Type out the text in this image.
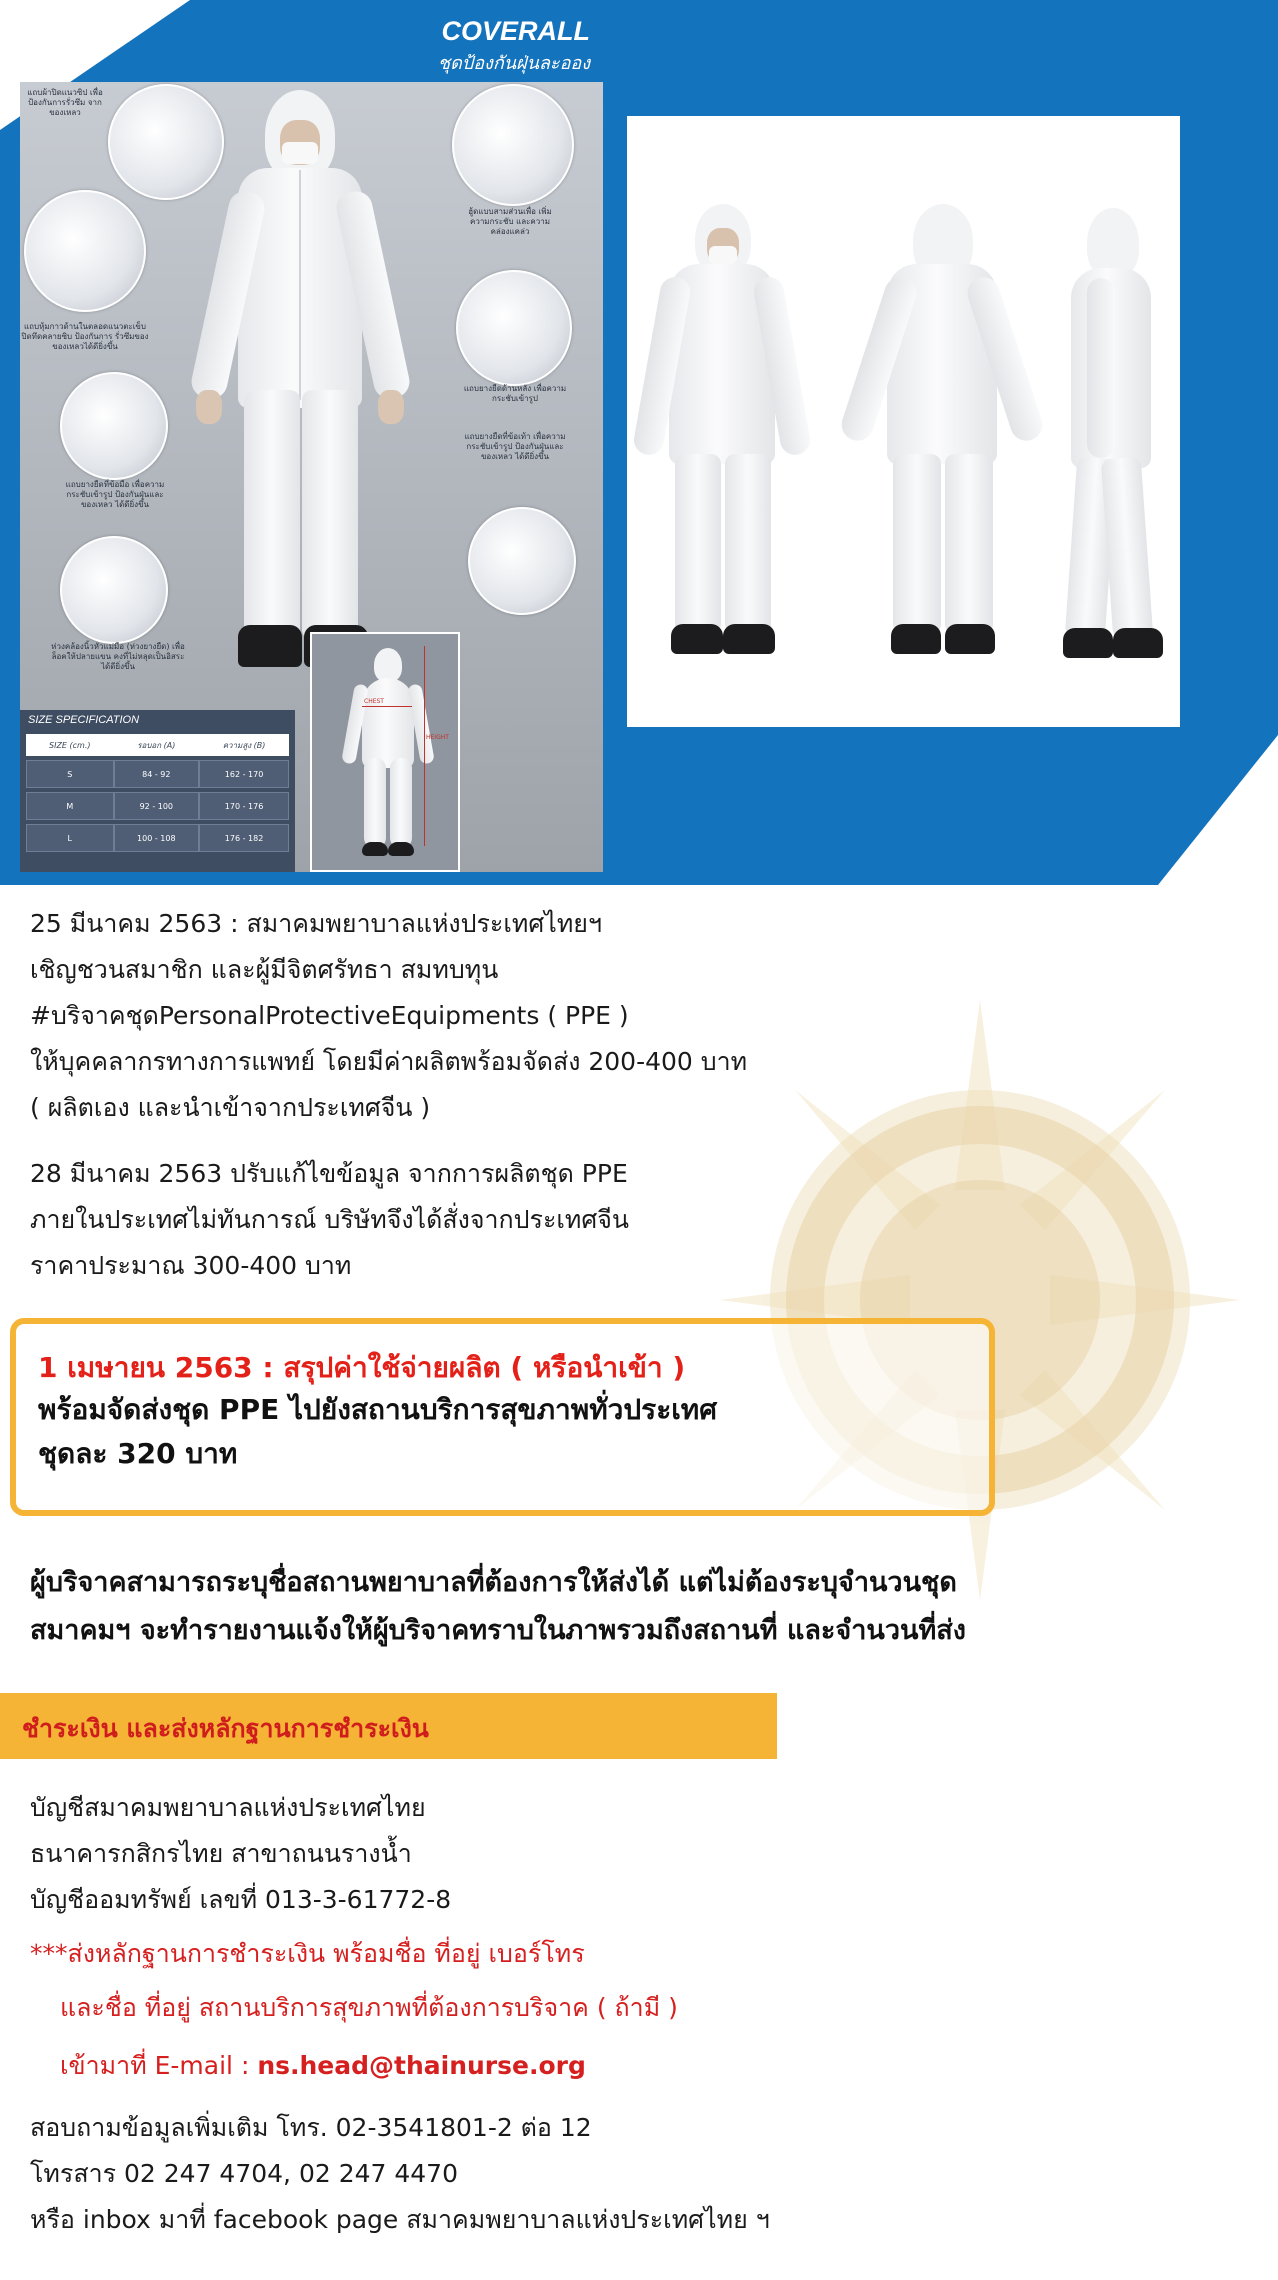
COVERALL
ชุดป้องกันฝุ่นละออง
แถบผ้าปิดแนวซิป เพื่อป้องกันการรั่วซึม จากของเหลว
ฮู้ดแบบสามส่วนเพื่อ เพิ่มความกระชับ และความคล่องแคล่ว
แถบหุ้มกาวด้านในตลอดแนวตะเข็บ ปิดทึดคลายซิบ ป้องกันการ รั่วซึมของของเหลวได้ดียิ่งขึ้น
แถบยางยืดด้านหลัง เพื่อความกระชับเข้ารูป
แถบยางยืดที่ข้อมือ เพื่อความกระชับเข้ารูป ป้องกันฝุ่นและของเหลว ได้ดียิ่งขึ้น
แถบยางยืดที่ข้อเท้า เพื่อความกระชับเข้ารูป ป้องกันฝุ่นและของเหลว ได้ดียิ่งขึ้น
ห่วงคล้องนิ้วหัวแม่มือ (ห่วงยางยืด) เพื่อล็อคให้ปลายแขน คงที่ไม่หลุดเป็นอิสระได้ดียิ่งขึ้น
CHEST
HEIGHT
SIZE SPECIFICATION
SIZE (cm.)	รอบอก (A)	ความสูง (B)
S	84 - 92	162 - 170
M	92 - 100	170 - 176
L	100 - 108	176 - 182
25 มีนาคม 2563 : สมาคมพยาบาลแห่งประเทศไทยฯ
เชิญชวนสมาชิก และผู้มีจิตศรัทธา สมทบทุน
#บริจาคชุดPersonalProtectiveEquipments ( PPE )
ให้บุคคลากรทางการแพทย์ โดยมีค่าผลิตพร้อมจัดส่ง 200-400 บาท
( ผลิตเอง และนำเข้าจากประเทศจีน )
28 มีนาคม 2563 ปรับแก้ไขข้อมูล จากการผลิตชุด PPE
ภายในประเทศไม่ทันการณ์ บริษัทจึงได้สั่งจากประเทศจีน
ราคาประมาณ 300-400 บาท
1 เมษายน 2563 : สรุปค่าใช้จ่ายผลิต ( หรือนำเข้า )
พร้อมจัดส่งชุด PPE ไปยังสถานบริการสุขภาพทั่วประเทศ
ชุดละ 320 บาท
ผู้บริจาคสามารถระบุชื่อสถานพยาบาลที่ต้องการให้ส่งได้ แต่ไม่ต้องระบุจำนวนชุด
สมาคมฯ จะทำรายงานแจ้งให้ผู้บริจาคทราบในภาพรวมถึงสถานที่ และจำนวนที่ส่ง
ชำระเงิน และส่งหลักฐานการชำระเงิน
บัญชีสมาคมพยาบาลแห่งประเทศไทย
ธนาคารกสิกรไทย สาขาถนนรางน้ำ
บัญชีออมทรัพย์ เลขที่ 013-3-61772-8
***ส่งหลักฐานการชำระเงิน พร้อมชื่อ ที่อยู่ เบอร์โทร
และชื่อ ที่อยู่ สถานบริการสุขภาพที่ต้องการบริจาค ( ถ้ามี )
เข้ามาที่ E-mail : ns.head@thainurse.org
สอบถามข้อมูลเพิ่มเติม โทร. 02-3541801-2 ต่อ 12
โทรสาร 02 247 4704, 02 247 4470
หรือ inbox มาที่ facebook page สมาคมพยาบาลแห่งประเทศไทย ฯ
